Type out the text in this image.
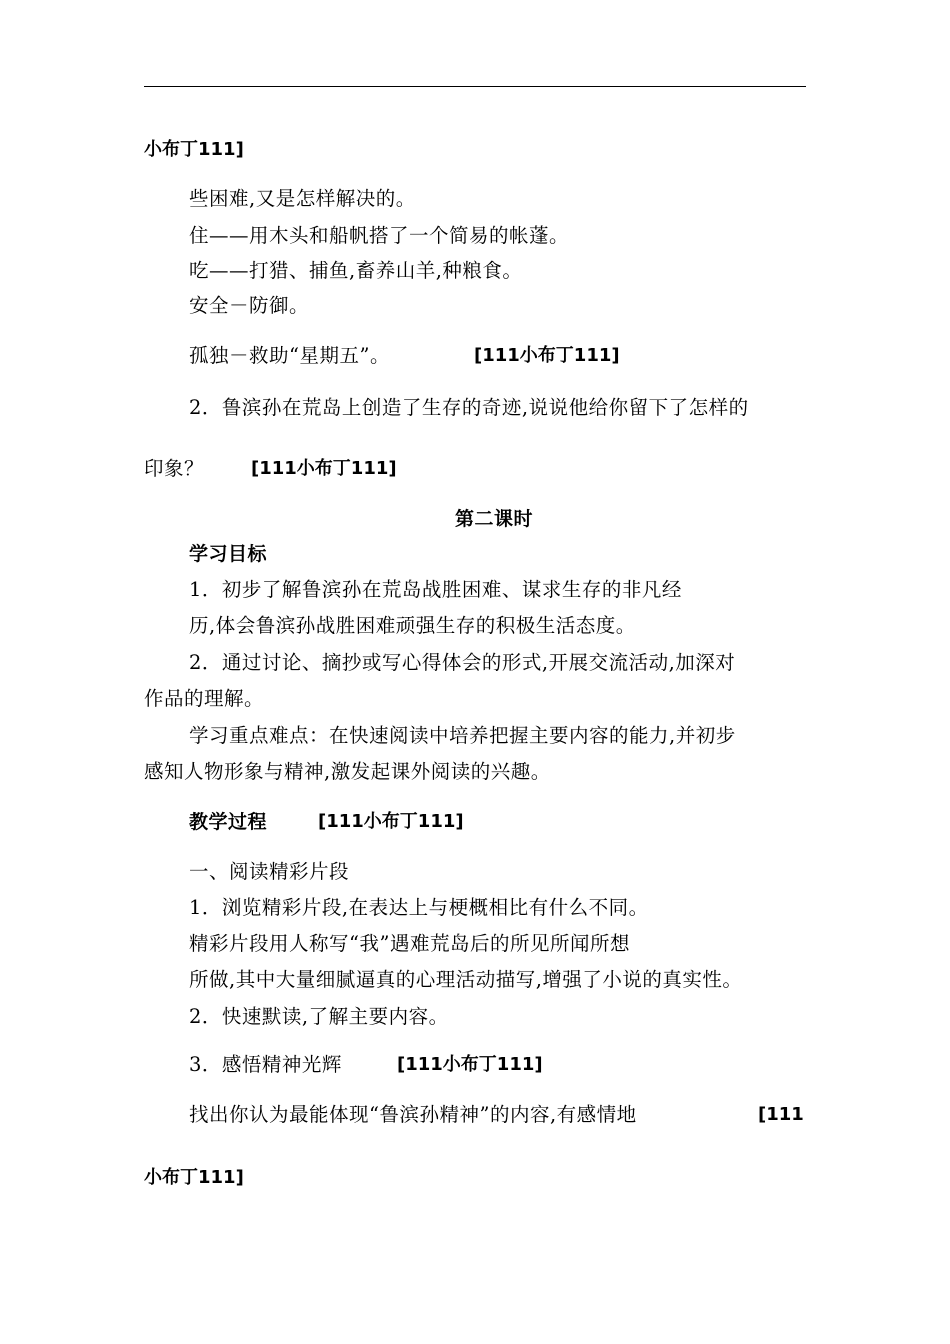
小布丁111]
些困难,又是怎样解决的。
住——用木头和船帆搭了一个简易的帐蓬。
吃——打猎、捕鱼,畜养山羊,种粮食。
安全－防御。
孤独－救助“星期五”。	[111小布丁111]
2．鲁滨孙在荒岛上创造了生存的奇迹,说说他给你留下了怎样的
印象？	[111小布丁111]
第二课时
学习目标
1．初步了解鲁滨孙在荒岛战胜困难、谋求生存的非凡经
历,体会鲁滨孙战胜困难顽强生存的积极生活态度。
2．通过讨论、摘抄或写心得体会的形式,开展交流活动,加深对
作品的理解。
学习重点难点：在快速阅读中培养把握主要内容的能力,并初步
感知人物形象与精神,激发起课外阅读的兴趣。
教学过程	[111小布丁111]
一、阅读精彩片段
1．浏览精彩片段,在表达上与梗概相比有什么不同。
精彩片段用人称写“我”遇难荒岛后的所见所闻所想
所做,其中大量细腻逼真的心理活动描写,增强了小说的真实性。
2．快速默读,了解主要内容。
3．感悟精神光辉	[111小布丁111]
找出你认为最能体现“鲁滨孙精神”的内容,有感情地	[111
小布丁111]
